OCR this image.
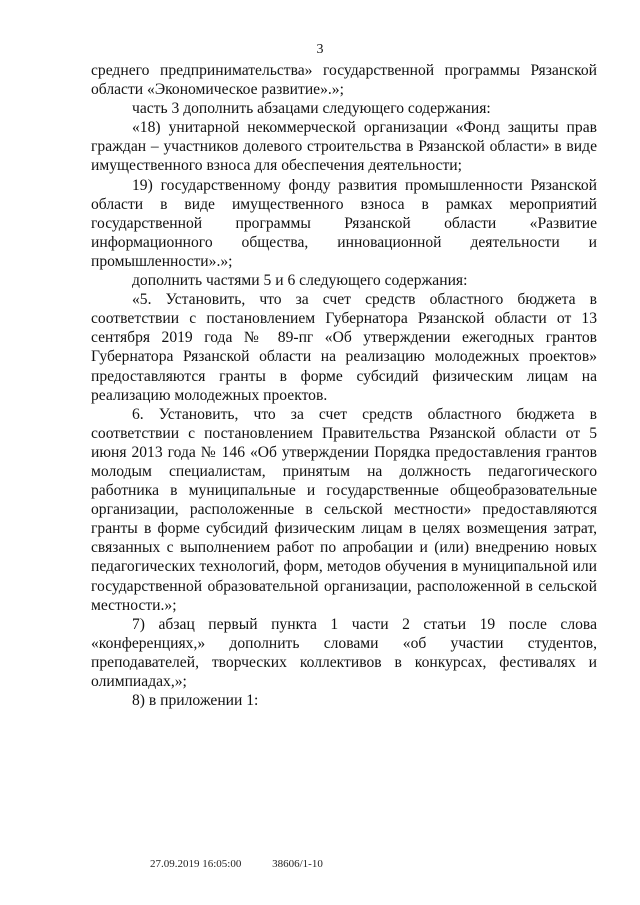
3

среднего предпринимательства» государственной программы Рязанской области «Экономическое развитие».»;

часть 3 дополнить абзацами следующего содержания:

«18) унитарной некоммерческой организации «Фонд защиты прав граждан – участников долевого строительства в Рязанской области» в виде имущественного взноса для обеспечения деятельности;

19) государственному фонду развития промышленности Рязанской области в виде имущественного взноса в рамках мероприятий государственной программы Рязанской области «Развитие информационного общества, инновационной деятельности и промышленности».»;

дополнить частями 5 и 6 следующего содержания:

«5. Установить, что за счет средств областного бюджета в соответствии с постановлением Губернатора Рязанской области от 13 сентября 2019 года № 89-пг «Об утверждении ежегодных грантов Губернатора Рязанской области на реализацию молодежных проектов» предоставляются гранты в форме субсидий физическим лицам на реализацию молодежных проектов.

6. Установить, что за счет средств областного бюджета в соответствии с постановлением Правительства Рязанской области от 5 июня 2013 года № 146 «Об утверждении Порядка предоставления грантов молодым специалистам, принятым на должность педагогического работника в муниципальные и государственные общеобразовательные организации, расположенные в сельской местности» предоставляются гранты в форме субсидий физическим лицам в целях возмещения затрат, связанных с выполнением работ по апробации и (или) внедрению новых педагогических технологий, форм, методов обучения в муниципальной или государственной образовательной организации, расположенной в сельской местности.»;

7) абзац первый пункта 1 части 2 статьи 19 после слова «конференциях,» дополнить словами «об участии студентов, преподавателей, творческих коллективов в конкурсах, фестивалях и олимпиадах,»;

8) в приложении 1:

27.09.2019 16:05:00	38606/1-10
